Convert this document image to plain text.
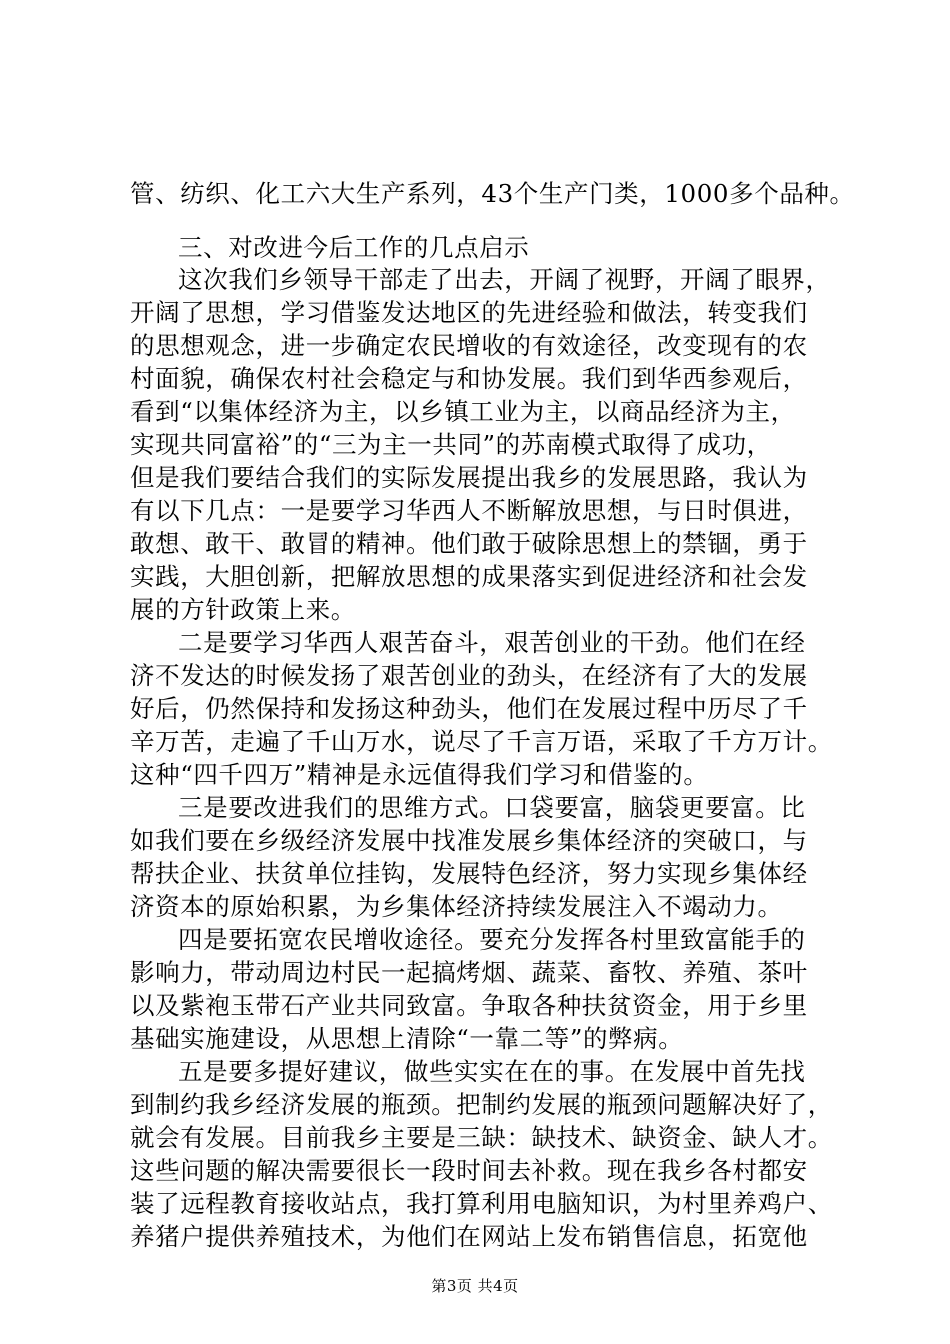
管、纺织、化工六大生产系列，43个生产门类，1000多个品种。
三、对改进今后工作的几点启示
这次我们乡领导干部走了出去，开阔了视野，开阔了眼界，
开阔了思想，学习借鉴发达地区的先进经验和做法，转变我们
的思想观念，进一步确定农民增收的有效途径，改变现有的农
村面貌，确保农村社会稳定与和协发展。我们到华西参观后，
看到“以集体经济为主，以乡镇工业为主，以商品经济为主，
实现共同富裕”的“三为主一共同”的苏南模式取得了成功，
但是我们要结合我们的实际发展提出我乡的发展思路，我认为
有以下几点：一是要学习华西人不断解放思想，与日时俱进，
敢想、敢干、敢冒的精神。他们敢于破除思想上的禁锢，勇于
实践，大胆创新，把解放思想的成果落实到促进经济和社会发
展的方针政策上来。
二是要学习华西人艰苦奋斗，艰苦创业的干劲。他们在经
济不发达的时候发扬了艰苦创业的劲头，在经济有了大的发展
好后，仍然保持和发扬这种劲头，他们在发展过程中历尽了千
辛万苦，走遍了千山万水，说尽了千言万语，采取了千方万计。
这种“四千四万”精神是永远值得我们学习和借鉴的。
三是要改进我们的思维方式。口袋要富，脑袋更要富。比
如我们要在乡级经济发展中找准发展乡集体经济的突破口，与
帮扶企业、扶贫单位挂钩，发展特色经济，努力实现乡集体经
济资本的原始积累，为乡集体经济持续发展注入不竭动力。
四是要拓宽农民增收途径。要充分发挥各村里致富能手的
影响力，带动周边村民一起搞烤烟、蔬菜、畜牧、养殖、茶叶
以及紫袍玉带石产业共同致富。争取各种扶贫资金，用于乡里
基础实施建设，从思想上清除“一靠二等”的弊病。
五是要多提好建议，做些实实在在的事。在发展中首先找
到制约我乡经济发展的瓶颈。把制约发展的瓶颈问题解决好了，
就会有发展。目前我乡主要是三缺：缺技术、缺资金、缺人才。
这些问题的解决需要很长一段时间去补救。现在我乡各村都安
装了远程教育接收站点，我打算利用电脑知识，为村里养鸡户、
养猪户提供养殖技术，为他们在网站上发布销售信息，拓宽他
第3页 共4页
